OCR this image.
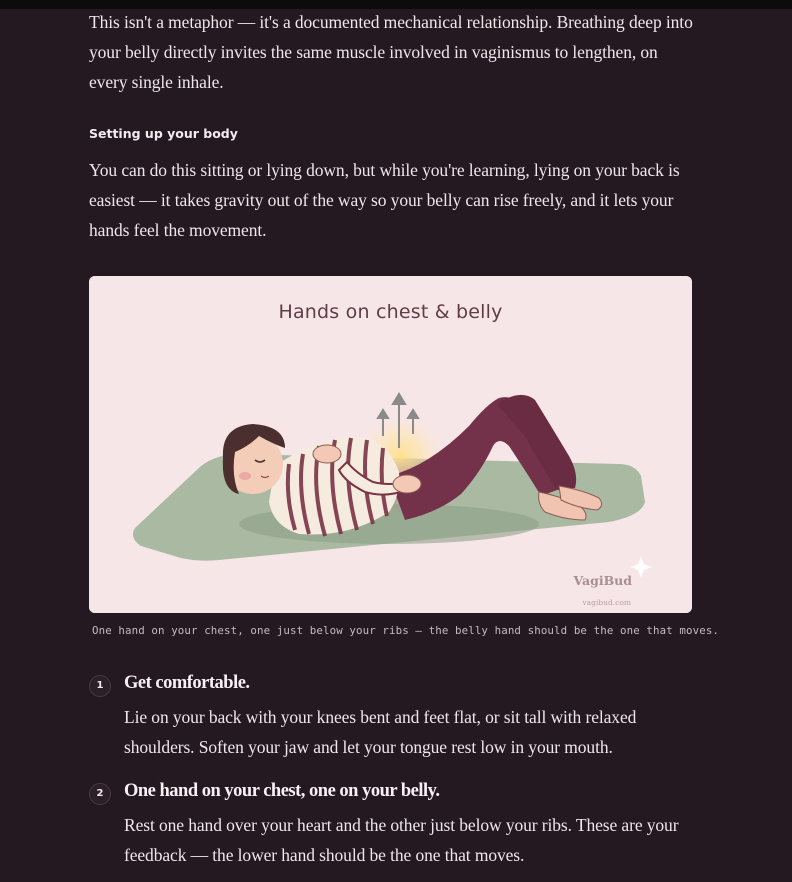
This isn't a metaphor — it's a documented mechanical relationship. Breathing deep into your belly directly invites the same muscle involved in vaginismus to lengthen, on every single inhale.

Setting up your body

You can do this sitting or lying down, but while you're learning, lying on your back is easiest — it takes gravity out of the way so your belly can rise freely, and it lets your hands feel the movement.

Hands on chest & belly
VagiBud
vagibud.com
One hand on your chest, one just below your ribs — the belly hand should be the one that moves.
1	Get comfortable.
Lie on your back with your knees bent and feet flat, or sit tall with relaxed shoulders. Soften your jaw and let your tongue rest low in your mouth.
2	One hand on your chest, one on your belly.
Rest one hand over your heart and the other just below your ribs. These are your feedback — the lower hand should be the one that moves.
